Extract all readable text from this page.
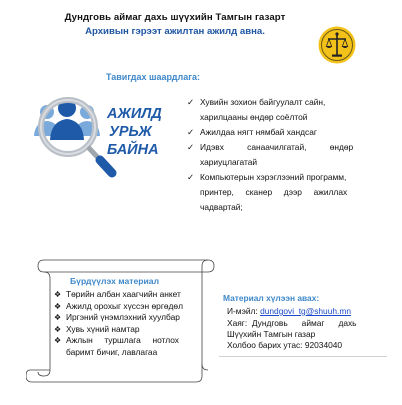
Дундговь аймаг дахь шүүхийн Тамгын газарт
Архивын гэрээт ажилтан ажилд авна.
Тавигдах шаардлага:
АЖИЛД
УРЬЖ
БАЙНА
✓ Хувийн зохион байгуулалт сайн,
харилцааны өндөр соёлтой
✓ Ажилдаа нягт нямбай хандсаг
✓ Идэвх          санаачилгатай,          өндөр
хариуцлагатай
✓ Компьютерын хэрэглээний программ,
принтер,     сканер     дээр     ажиллах
чадвартай;
Бүрдүүлэх материал
❖ Төрийн албан хаагчийн анкет
❖ Ажилд орохыг хүссэн өргөдөл
❖ Иргэний үнэмлэхний хуулбар
❖ Хувь хүний намтар
❖ Ажлын     туршлага     нотлох
баримт бичиг, лавлагаа
Материал хүлээн авах:
И-мэйл: dundgovi_tg@shuuh.mn
Хаяг:  Дундговь      аймаг      дахь
Шүүхийн Тамгын газар
Холбоо барих утас: 92034040
